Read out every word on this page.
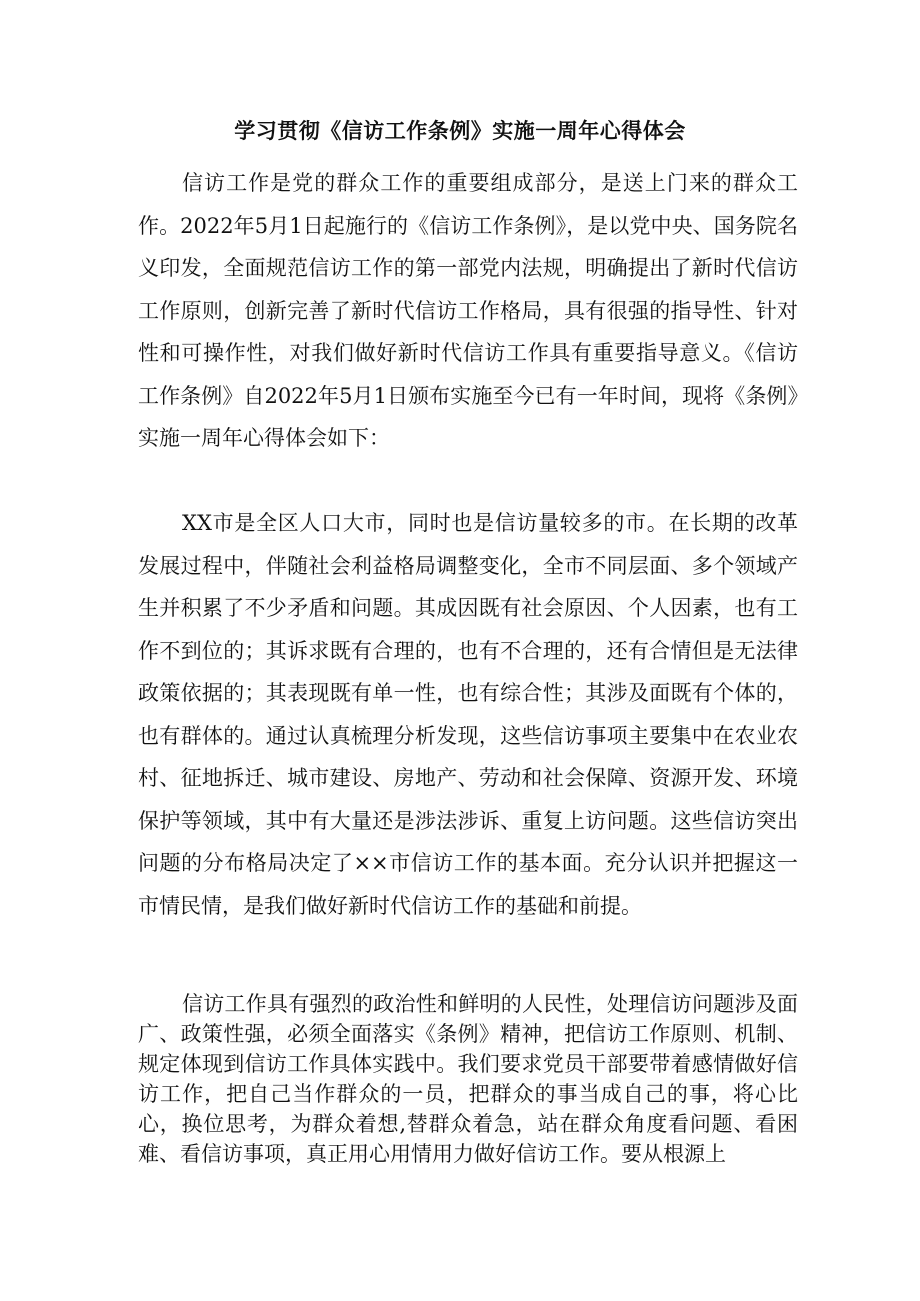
学习贯彻《信访工作条例》实施一周年心得体会

信访工作是党的群众工作的重要组成部分，是送上门来的群众工作。2022年5月1日起施行的《信访工作条例》，是以党中央、国务院名义印发，全面规范信访工作的第一部党内法规，明确提出了新时代信访工作原则，创新完善了新时代信访工作格局，具有很强的指导性、针对性和可操作性，对我们做好新时代信访工作具有重要指导意义。《信访工作条例》自2022年5月1日颁布实施至今已有一年时间，现将《条例》实施一周年心得体会如下：

XX市是全区人口大市，同时也是信访量较多的市。在长期的改革发展过程中，伴随社会利益格局调整变化，全市不同层面、多个领域产生并积累了不少矛盾和问题。其成因既有社会原因、个人因素，也有工作不到位的；其诉求既有合理的，也有不合理的，还有合情但是无法律政策依据的；其表现既有单一性，也有综合性；其涉及面既有个体的，也有群体的。通过认真梳理分析发现，这些信访事项主要集中在农业农村、征地拆迁、城市建设、房地产、劳动和社会保障、资源开发、环境保护等领域，其中有大量还是涉法涉诉、重复上访问题。这些信访突出问题的分布格局决定了××市信访工作的基本面。充分认识并把握这一市情民情，是我们做好新时代信访工作的基础和前提。

信访工作具有强烈的政治性和鲜明的人民性，处理信访问题涉及面广、政策性强，必须全面落实《条例》精神，把信访工作原则、机制、规定体现到信访工作具体实践中。我们要求党员干部要带着感情做好信访工作，把自己当作群众的一员，把群众的事当成自己的事，将心比心，换位思考，为群众着想,替群众着急，站在群众角度看问题、看困难、看信访事项，真正用心用情用力做好信访工作。要从根源上
